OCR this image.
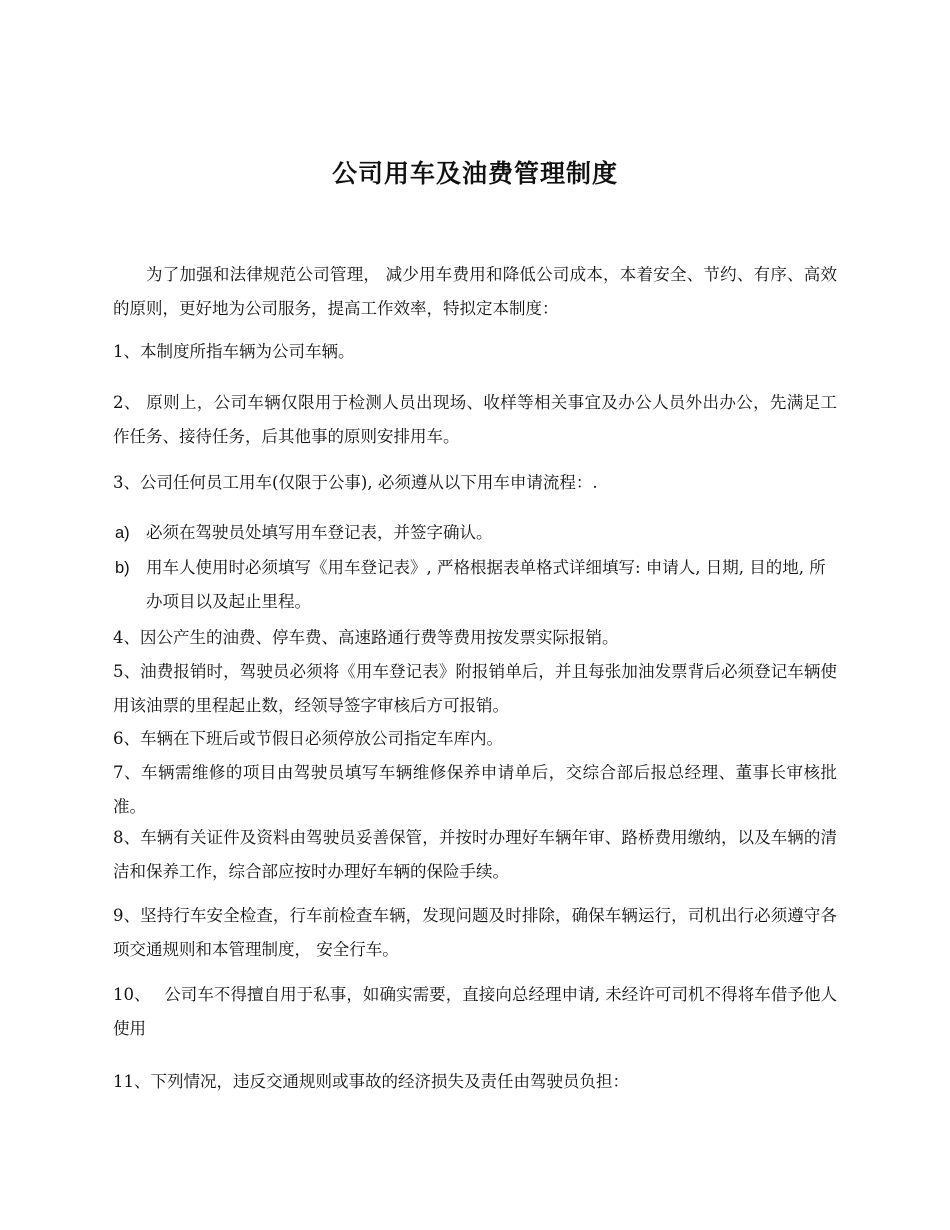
公司用车及油费管理制度
为了加强和法律规范公司管理， 减少用车费用和降低公司成本，本着安全、节约、有序、高效的原则，更好地为公司服务，提高工作效率，特拟定本制度：
1、本制度所指车辆为公司车辆。
2、 原则上，公司车辆仅限用于检测人员出现场、收样等相关事宜及办公人员外出办公，先满足工作任务、接待任务，后其他事的原则安排用车。
3、公司任何员工用车(仅限于公事), 必须遵从以下用车申请流程：.
a) 必须在驾驶员处填写用车登记表，并签字确认。
b) 用车人使用时必须填写《用车登记表》, 严格根据表单格式详细填写: 申请人, 日期, 目的地, 所办项目以及起止里程。
4、因公产生的油费、停车费、高速路通行费等费用按发票实际报销。
5、油费报销时，驾驶员必须将《用车登记表》附报销单后，并且每张加油发票背后必须登记车辆使用该油票的里程起止数，经领导签字审核后方可报销。
6、车辆在下班后或节假日必须停放公司指定车库内。
7、车辆需维修的项目由驾驶员填写车辆维修保养申请单后，交综合部后报总经理、董事长审核批准。
8、车辆有关证件及资料由驾驶员妥善保管，并按时办理好车辆年审、路桥费用缴纳，以及车辆的清洁和保养工作，综合部应按时办理好车辆的保险手续。
9、坚持行车安全检查，行车前检查车辆，发现问题及时排除，确保车辆运行，司机出行必须遵守各项交通规则和本管理制度， 安全行车。
10、　 公司车不得擅自用于私事，如确实需要，直接向总经理申请, 未经许可司机不得将车借予他人使用
11、下列情况，违反交通规则或事故的经济损失及责任由驾驶员负担：
